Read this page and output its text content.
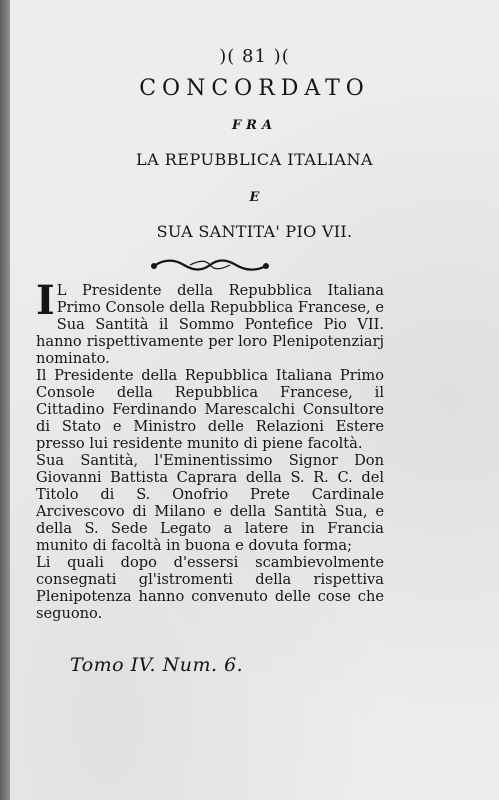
)( 81 )(
CONCORDATO
FRA
LA REPUBBLICA ITALIANA
E
SUA SANTITA' PIO VII.

I L Presidente della Repubblica Italiana Primo Console della Repubblica Francese, e Sua Santità il Sommo Pontefice Pio VII. hanno rispettivamente per loro Plenipotenziarj nominato.

Il Presidente della Repubblica Italiana Primo Console della Repubblica Francese, il Cittadino Ferdinando Marescalchi Consultore di Stato e Ministro delle Relazioni Estere presso lui residente munito di piene facoltà.

Sua Santità, l'Eminentissimo Signor Don Giovanni Battista Caprara della S. R. C. del Titolo di S. Onofrio Prete Cardinale Arcivescovo di Milano e della Santità Sua, e della S. Sede Legato a latere in Francia munito di facoltà in buona e dovuta forma;

Li quali dopo d'essersi scambievolmente consegnati gl'istromenti della rispettiva Plenipotenza hanno convenuto delle cose che seguono.

Tomo IV. Num. 6.
